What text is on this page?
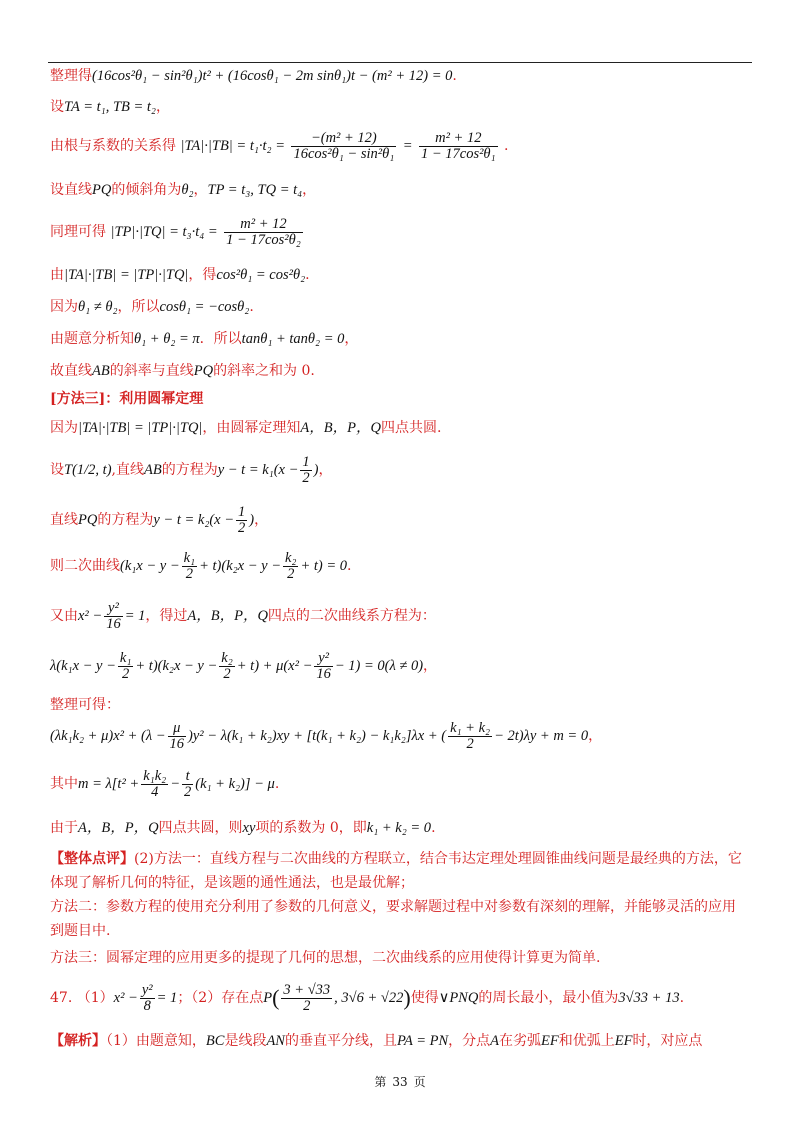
整理得(16cos²θ₁ − sin²θ₁)t² + (16cosθ₁ − 2m sinθ₁)t − (m² + 12) = 0.
设TA = t₁, TB = t₂，
由根与系数的关系得 $|TA|\cdot|TB| = t_1\cdot t_2 = \frac{\text{−(m² + 12)}}{\text{16cos²θ₁ − sin²θ₁}} = \frac{\text{m² + 12}}{\text{1 − 17cos²θ₁}}$ .
设直线PQ的倾斜角为θ₂，TP = t₃, TQ = t₄，
同理可得 $|TP|\cdot|TQ| = t_3\cdot t_4 = \frac{\text{m² + 12}}{\text{1 − 17cos²θ₂}}$
由|TA|·|TB| = |TP|·|TQ|，得cos²θ₁ = cos²θ₂.
因为θ₁ ≠ θ₂，所以cosθ₁ = −cosθ₂.
由题意分析知θ₁ + θ₂ = π．所以tanθ₁ + tanθ₂ = 0，
故直线AB的斜率与直线PQ的斜率之和为 0.
[方法三]：利用圆幂定理
因为|TA|·|TB| = |TP|·|TQ|，由圆幂定理知A，B，P，Q四点共圆.
设T(1/2, t),直线AB的方程为$y - t = k_1(x - \frac{1}{2}$ )，
直线PQ的方程为$y - t = k_2(x - \frac{1}{2}$ )，
则二次曲线$(k_1x - y - \frac{\text{k₁}}{2} + t)(k_2x - y - \frac{\text{k₂}}{2} + t) = 0$.
又由$x^2 - \frac{\text{y²}}{16} = 1$，得过A，B，P，Q四点的二次曲线系方程为：
$\lambda(k_1x - y - \frac{\text{k₁}}{2} + t)(k_2x - y - \frac{\text{k₂}}{2} + t) + \mu(x^2 - \frac{\text{y²}}{16} - 1) = 0(\lambda \ne 0)$，
整理可得：
$(\lambda k_1k_2 + \mu)x^2 + (\lambda - \frac{\mu}{16} )y^2 - \lambda(k_1 + k_2)xy + [t(k_1 + k_2) - k_1k_2]\lambda x$ + ( $\frac{\text{k₁ + k₂}}{2} - 2t)\lambda y + m = 0$，
其中$m = \lambda[t^2 + \frac{\text{k₁k₂}}{4} - \frac{t}{2} (k_1 + k_2)] - \mu$.
由于A，B，P，Q四点共圆，则xy项的系数为 0，即k₁ + k₂ = 0.
【整体点评】(2)方法一：直线方程与二次曲线的方程联立，结合韦达定理处理圆锥曲线问题是最经典的方法，它
体现了解析几何的特征，是该题的通性通法，也是最优解；
方法二：参数方程的使用充分利用了参数的几何意义，要求解题过程中对参数有深刻的理解，并能够灵活的应用
到题目中.
方法三：圆幂定理的应用更多的提现了几何的思想，二次曲线系的应用使得计算更为简单.
47. $(1)x^2 - \frac{\text{y²}}{8} = 1$；（2）存在点$P( \frac{3 + √33}{2}$ , 3√6 + √22)使得∨PNQ的周长最小，最小值为3√33 + 13.
【解析】（1）由题意知，BC是线段AN的垂直平分线，且PA = PN，分点A在劣弧EF和优弧上EF时，对应点
第 33 页
